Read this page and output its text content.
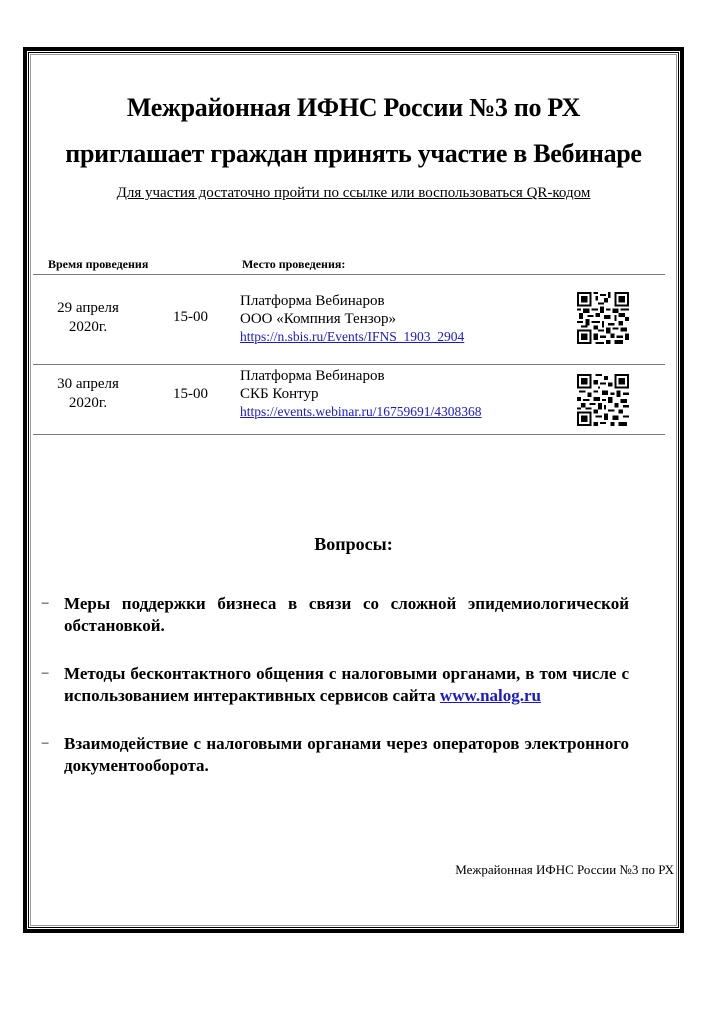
Межрайонная ИФНС России №3 по РХ
приглашает граждан принять участие в Вебинаре
Для участия достаточно пройти по ссылке или воспользоваться QR-кодом
Время проведения	Место проведения:
29 апреля
2020г.
15-00
Платформа Вебинаров
ООО «Компния Тензор»
https://n.sbis.ru/Events/IFNS_1903_2904
30 апреля
2020г.
15-00
Платформа Вебинаров
СКБ Контур
https://events.webinar.ru/16759691/4308368
Вопросы:
− Меры поддержки бизнеса в связи со сложной эпидемиологической обстановкой.
− Методы бесконтактного общения с налоговыми органами, в том числе с использованием интерактивных сервисов сайта www.nalog.ru
− Взаимодействие с налоговыми органами через операторов электронного документооборота.
Межрайонная ИФНС России №3 по РХ
